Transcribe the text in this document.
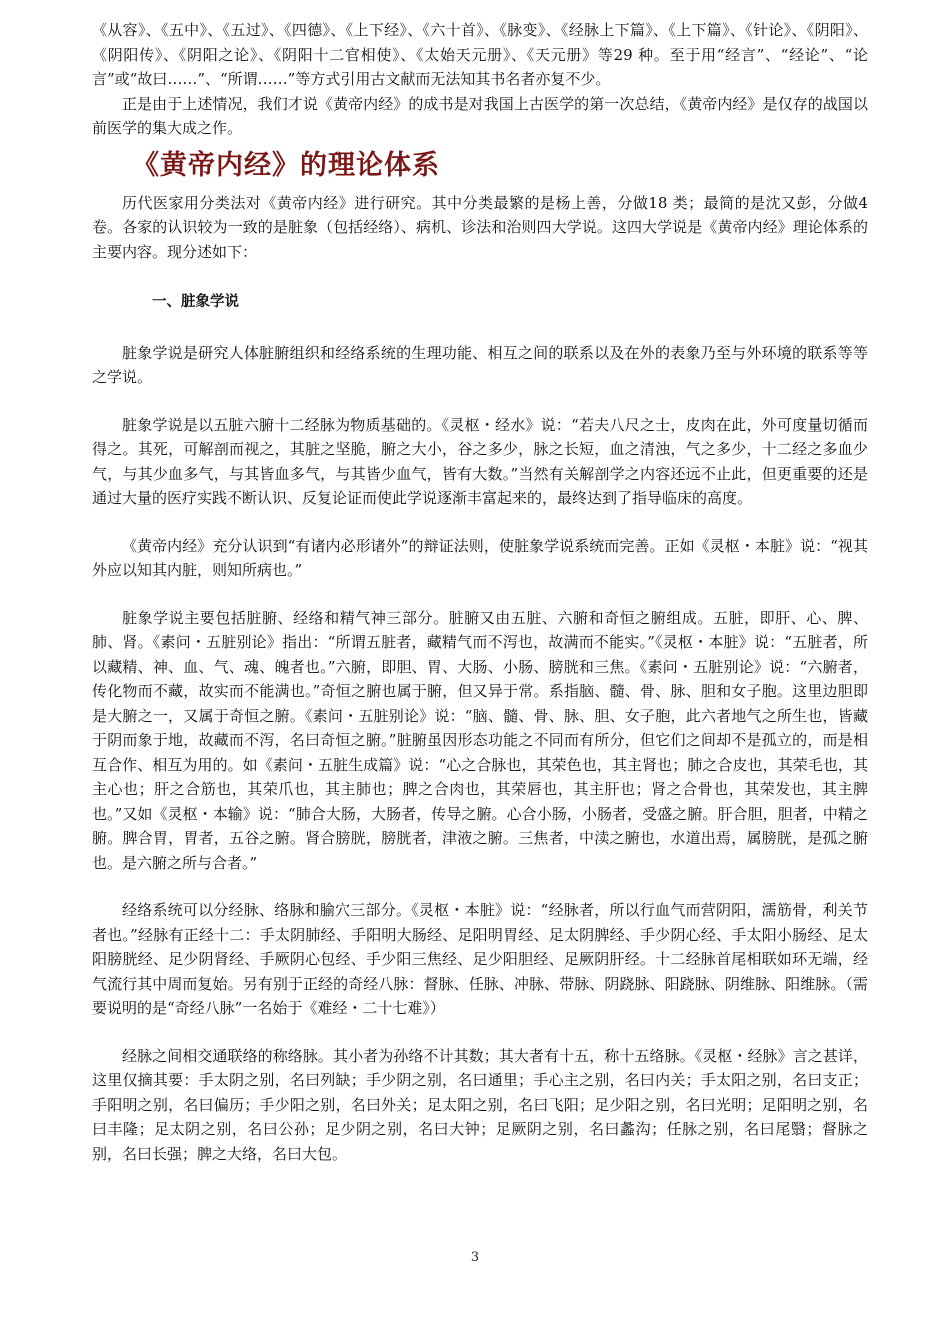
《从容》、《五中》、《五过》、《四德》、《上下经》、《六十首》、《脉变》、《经脉上下篇》、《上下篇》、《针论》、《阴阳》、《阴阳传》、《阴阳之论》、《阴阳十二官相使》、《太始天元册》、《天元册》等29 种。至于用“经言”、“经论”、“论言”或“故曰……”、“所谓……”等方式引用古文献而无法知其书名者亦复不少。

正是由于上述情况，我们才说《黄帝内经》的成书是对我国上古医学的第一次总结，《黄帝内经》是仅存的战国以前医学的集大成之作。

《黄帝内经》的理论体系

历代医家用分类法对《黄帝内经》进行研究。其中分类最繁的是杨上善，分做18 类；最简的是沈又彭，分做4 卷。各家的认识较为一致的是脏象（包括经络）、病机、诊法和治则四大学说。这四大学说是《黄帝内经》理论体系的主要内容。现分述如下：

一、脏象学说

脏象学说是研究人体脏腑组织和经络系统的生理功能、相互之间的联系以及在外的表象乃至与外环境的联系等等之学说。

脏象学说是以五脏六腑十二经脉为物质基础的。《灵枢・经水》说：“若夫八尺之士，皮肉在此，外可度量切循而得之。其死，可解剖而视之，其脏之坚脆，腑之大小，谷之多少，脉之长短，血之清浊，气之多少，十二经之多血少气，与其少血多气，与其皆血多气，与其皆少血气，皆有大数。”当然有关解剖学之内容还远不止此，但更重要的还是通过大量的医疗实践不断认识、反复论证而使此学说逐渐丰富起来的，最终达到了指导临床的高度。

《黄帝内经》充分认识到“有诸内必形诸外”的辩证法则，使脏象学说系统而完善。正如《灵枢・本脏》说：“视其外应以知其内脏，则知所病也。”

脏象学说主要包括脏腑、经络和精气神三部分。脏腑又由五脏、六腑和奇恒之腑组成。五脏，即肝、心、脾、肺、肾。《素问・五脏别论》指出：“所谓五脏者，藏精气而不泻也，故满而不能实。”《灵枢・本脏》说：“五脏者，所以藏精、神、血、气、魂、魄者也。”六腑，即胆、胃、大肠、小肠、膀胱和三焦。《素问・五脏别论》说：“六腑者，传化物而不藏，故实而不能满也。”奇恒之腑也属于腑，但又异于常。系指脑、髓、骨、脉、胆和女子胞。这里边胆即是大腑之一，又属于奇恒之腑。《素问・五脏别论》说：“脑、髓、骨、脉、胆、女子胞，此六者地气之所生也，皆藏于阴而象于地，故藏而不泻，名曰奇恒之腑。”脏腑虽因形态功能之不同而有所分，但它们之间却不是孤立的，而是相互合作、相互为用的。如《素问・五脏生成篇》说：“心之合脉也，其荣色也，其主肾也；肺之合皮也，其荣毛也，其主心也；肝之合筋也，其荣爪也，其主肺也；脾之合肉也，其荣唇也，其主肝也；肾之合骨也，其荣发也，其主脾也。”又如《灵枢・本输》说：“肺合大肠，大肠者，传导之腑。心合小肠，小肠者，受盛之腑。肝合胆，胆者，中精之腑。脾合胃，胃者，五谷之腑。肾合膀胱，膀胱者，津液之腑。三焦者，中渎之腑也，水道出焉，属膀胱，是孤之腑也。是六腑之所与合者。”

经络系统可以分经脉、络脉和腧穴三部分。《灵枢・本脏》说：“经脉者，所以行血气而营阴阳，濡筋骨，利关节者也。”经脉有正经十二：手太阴肺经、手阳明大肠经、足阳明胃经、足太阴脾经、手少阴心经、手太阳小肠经、足太阳膀胱经、足少阴肾经、手厥阴心包经、手少阳三焦经、足少阳胆经、足厥阴肝经。十二经脉首尾相联如环无端，经气流行其中周而复始。另有别于正经的奇经八脉：督脉、任脉、冲脉、带脉、阴跷脉、阳跷脉、阴维脉、阳维脉。（需要说明的是“奇经八脉”一名始于《难经・二十七难》）

经脉之间相交通联络的称络脉。其小者为孙络不计其数；其大者有十五，称十五络脉。《灵枢・经脉》言之甚详，这里仅摘其要：手太阴之别，名曰列缺；手少阴之别，名曰通里；手心主之别，名曰内关；手太阳之别，名曰支正；手阳明之别，名曰偏历；手少阳之别，名曰外关；足太阳之别，名曰飞阳；足少阳之别，名曰光明；足阳明之别，名曰丰隆；足太阴之别，名曰公孙；足少阴之别，名曰大钟；足厥阴之别，名曰蠡沟；任脉之别，名曰尾翳；督脉之别，名曰长强；脾之大络，名曰大包。

3
